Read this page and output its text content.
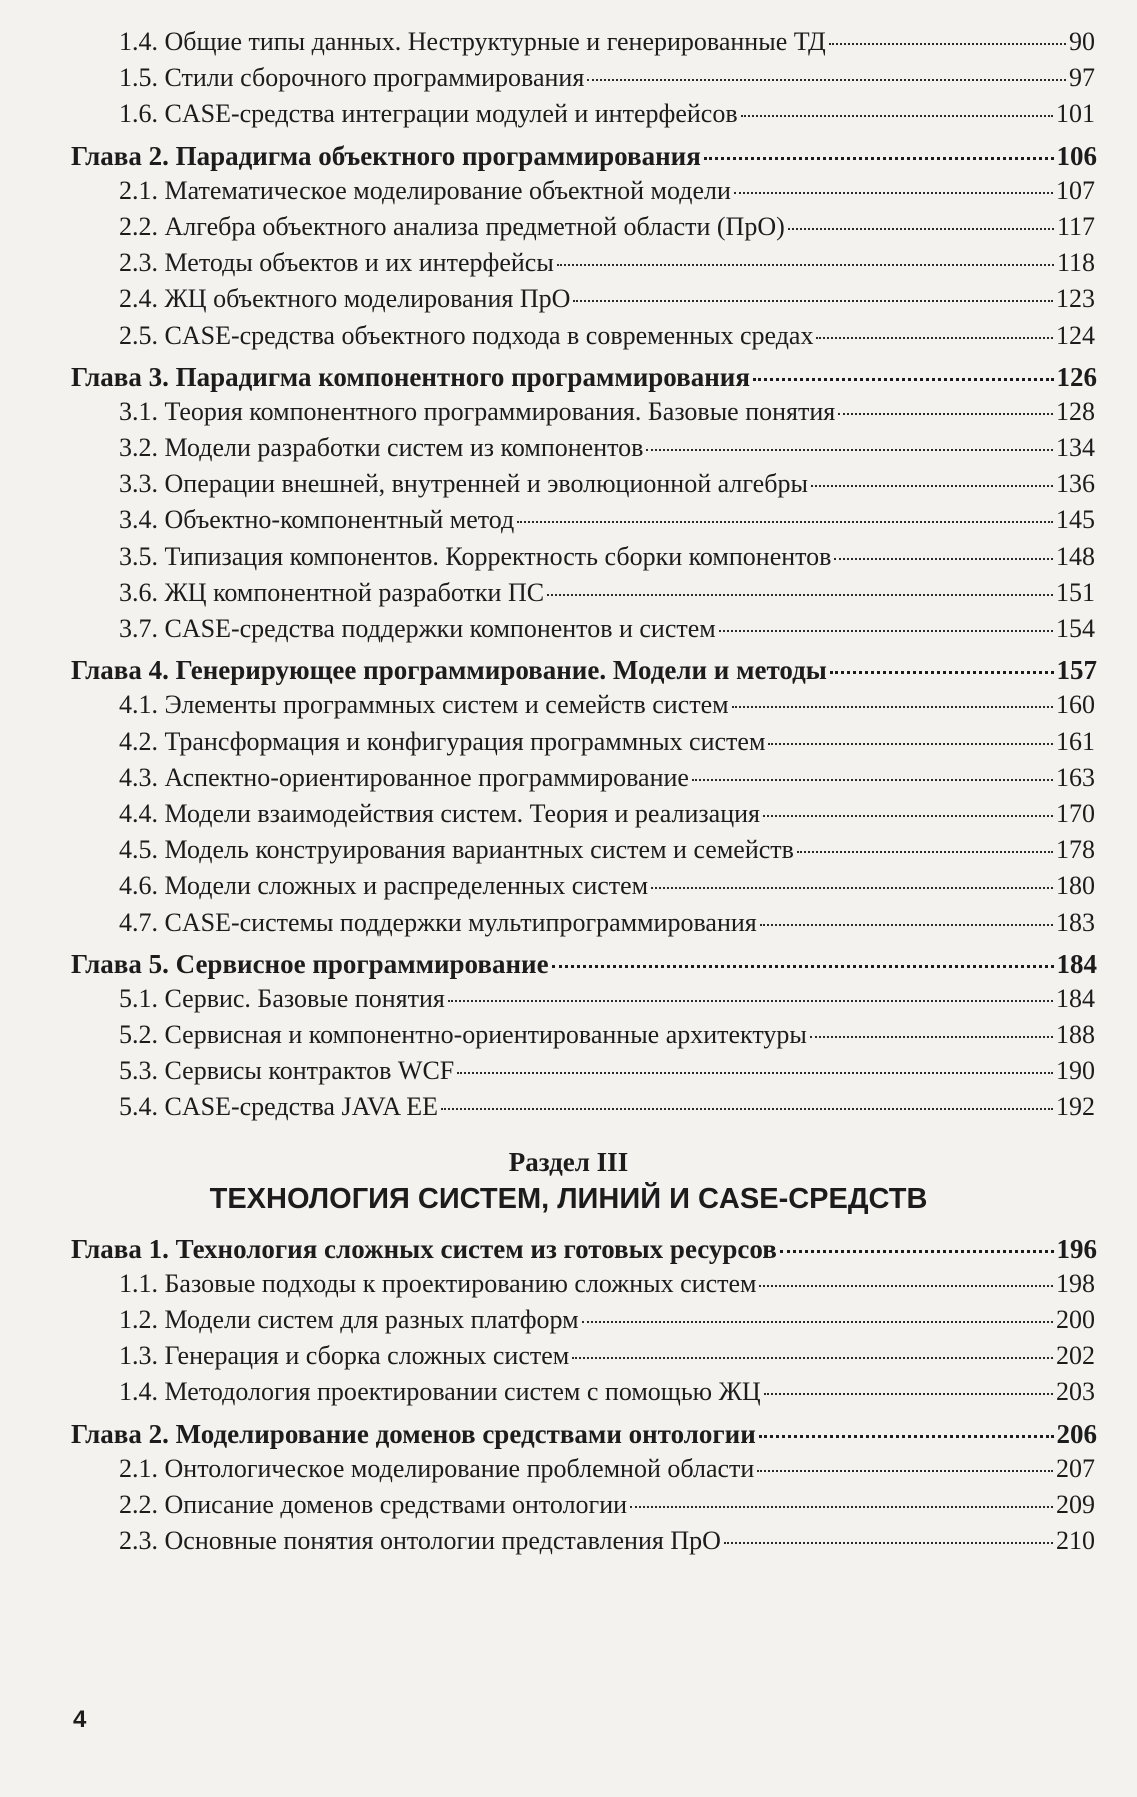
1.4. Общие типы данных. Неструктурные и генерированные ТД	90
1.5. Стили сборочного программирования	97
1.6. CASE-средства интеграции модулей и интерфейсов	101
Глава 2. Парадигма объектного программирования	106
2.1. Математическое моделирование объектной модели	107
2.2. Алгебра объектного анализа предметной области (ПрО)	117
2.3. Методы объектов и их интерфейсы	118
2.4. ЖЦ объектного моделирования ПрО	123
2.5. CASE-средства объектного подхода в современных средах	124
Глава 3. Парадигма компонентного программирования	126
3.1. Теория компонентного программирования. Базовые понятия	128
3.2. Модели разработки систем из компонентов	134
3.3. Операции внешней, внутренней и эволюционной алгебры	136
3.4. Объектно-компонентный метод	145
3.5. Типизация компонентов. Корректность сборки компонентов	148
3.6. ЖЦ компонентной разработки ПС	151
3.7. CASE-средства поддержки компонентов и систем	154
Глава 4. Генерирующее программирование. Модели и методы	157
4.1. Элементы программных систем и семейств систем	160
4.2. Трансформация и конфигурация программных систем	161
4.3. Аспектно-ориентированное программирование	163
4.4. Модели взаимодействия систем. Теория и реализация	170
4.5. Модель конструирования вариантных систем и семейств	178
4.6. Модели сложных и распределенных систем	180
4.7. CASE-системы поддержки мультипрограммирования	183
Глава 5. Сервисное программирование	184
5.1. Сервис. Базовые понятия	184
5.2. Сервисная и компонентно-ориентированные архитектуры	188
5.3. Сервисы контрактов WCF	190
5.4. CASE-средства JAVA EE	192
Раздел III
ТЕХНОЛОГИЯ СИСТЕМ, ЛИНИЙ И CASE-СРЕДСТВ
Глава 1. Технология сложных систем из готовых ресурсов	196
1.1. Базовые подходы к проектированию сложных систем	198
1.2. Модели систем для разных платформ	200
1.3. Генерация и сборка сложных систем	202
1.4. Методология проектировании систем с помощью ЖЦ	203
Глава 2. Моделирование доменов средствами онтологии	206
2.1. Онтологическое моделирование проблемной области	207
2.2. Описание доменов средствами онтологии	209
2.3. Основные понятия онтологии представления ПрО	210
4
